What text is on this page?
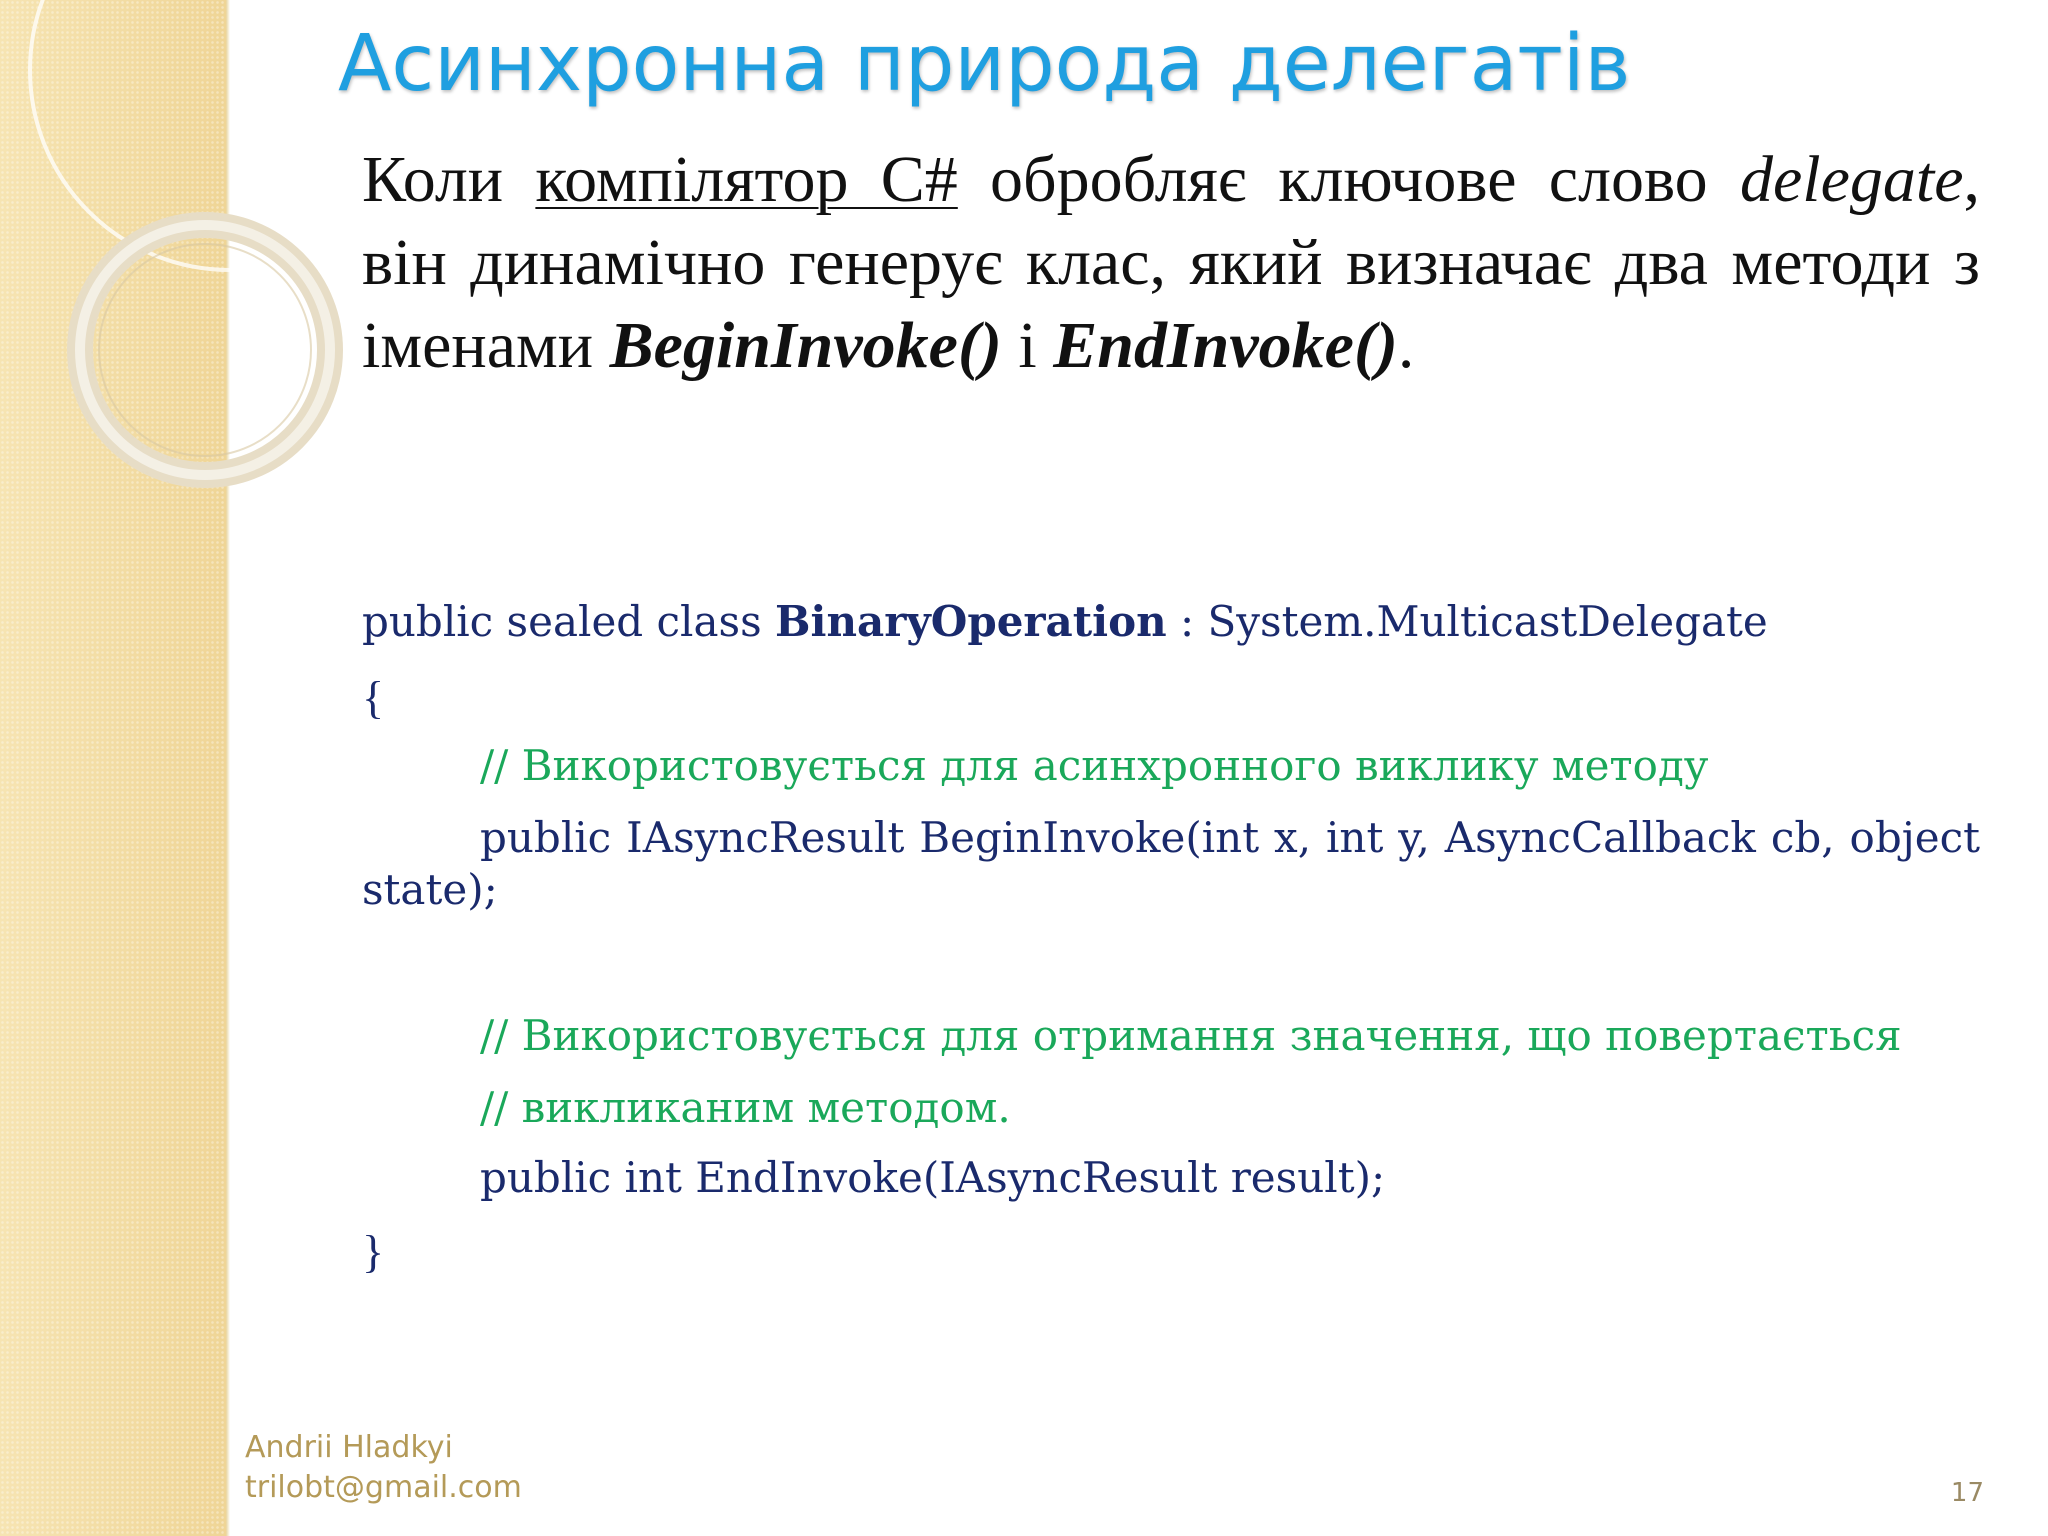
Асинхронна природа делегатів

Коли компілятор C# обробляє ключове слово delegate, він динамічно генерує клас, який визначає два методи з іменами BeginInvoke() і EndInvoke().

public sealed class BinaryOperation : System.MulticastDelegate
{
// Використовується для асинхронного виклику методу
public IAsyncResult BeginInvoke(int x, int y, AsyncCallback cb, object state);
// Використовується для отримання значення, що повертається
// викликаним методом.
public int EndInvoke(IAsyncResult result);
}
Andrii Hladkyi
trilobt@gmail.com	17
